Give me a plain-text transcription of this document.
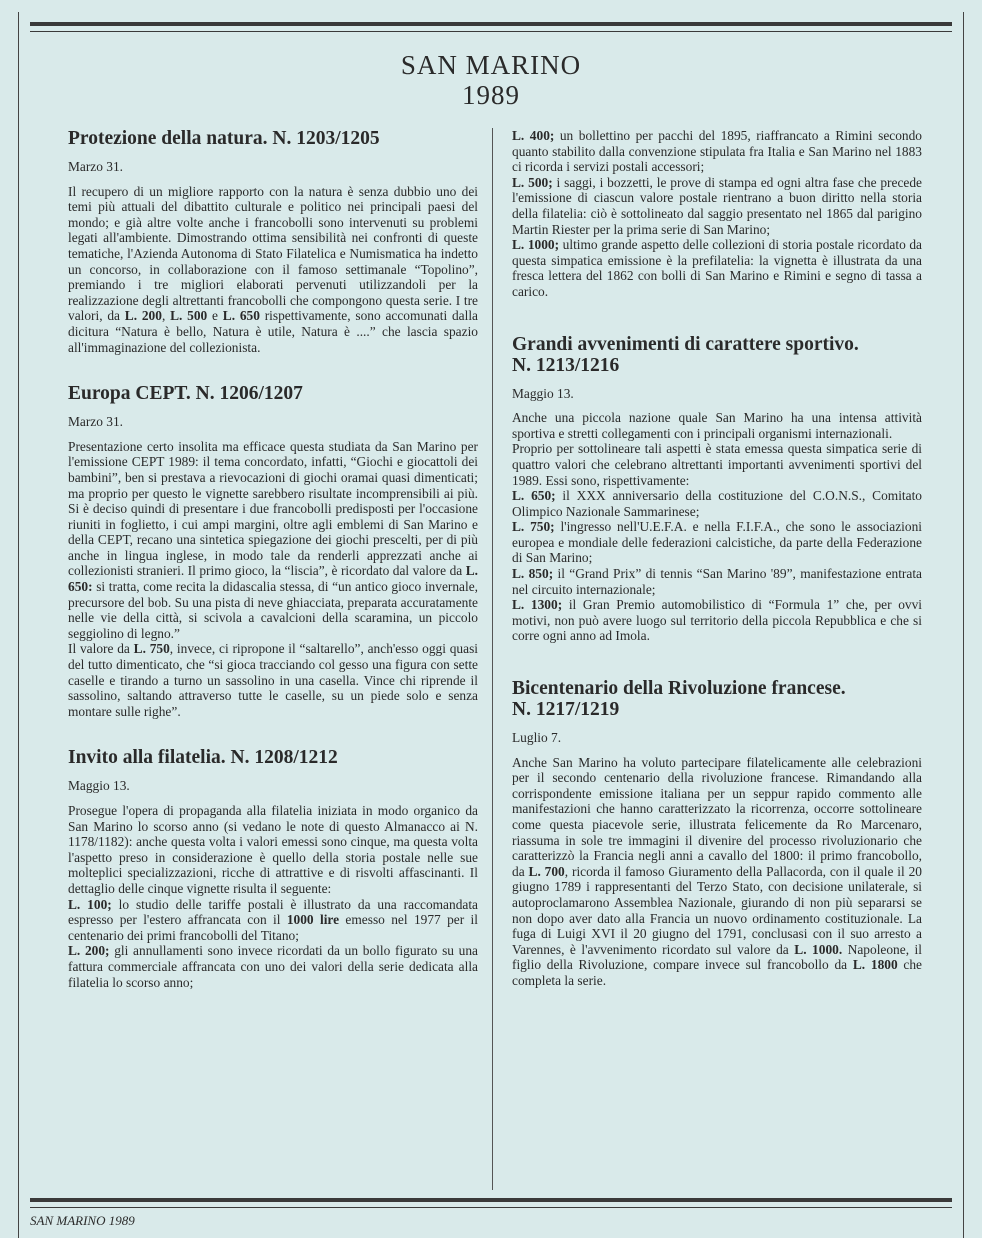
SAN MARINO
1989
Protezione della natura. N. 1203/1205
Marzo 31.

Il recupero di un migliore rapporto con la natura è senza dubbio uno dei temi più attuali del dibattito culturale e politico nei principali paesi del mondo; e già altre volte anche i francobolli sono intervenuti su problemi legati all'ambiente. Dimostrando ottima sensibilità nei confronti di queste tematiche, l'Azienda Autonoma di Stato Filatelica e Numismatica ha indetto un concorso, in collaborazione con il famoso settimanale “Topolino”, premiando i tre migliori elaborati pervenuti utilizzandoli per la realizzazione degli altrettanti francobolli che compongono questa serie. I tre valori, da L. 200, L. 500 e L. 650 rispettivamente, sono accomunati dalla dicitura “Natura è bello, Natura è utile, Natura è ....” che lascia spazio all'immaginazione del collezionista.

Europa CEPT. N. 1206/1207
Marzo 31.

Presentazione certo insolita ma efficace questa studiata da San Marino per l'emissione CEPT 1989: il tema concordato, infatti, “Giochi e giocattoli dei bambini”, ben si prestava a rievocazioni di giochi oramai quasi dimenticati; ma proprio per questo le vignette sarebbero risultate incomprensibili ai più. Si è deciso quindi di presentare i due francobolli predisposti per l'occasione riuniti in foglietto, i cui ampi margini, oltre agli emblemi di San Marino e della CEPT, recano una sintetica spiegazione dei giochi prescelti, per di più anche in lingua inglese, in modo tale da renderli apprezzati anche ai collezionisti stranieri. Il primo gioco, la “liscia”, è ricordato dal valore da L. 650: si tratta, come recita la didascalia stessa, di “un antico gioco invernale, precursore del bob. Su una pista di neve ghiacciata, preparata accuratamente nelle vie della città, si scivola a cavalcioni della scaramina, un piccolo seggiolino di legno.”

Il valore da L. 750, invece, ci ripropone il “saltarello”, anch'esso oggi quasi del tutto dimenticato, che “si gioca tracciando col gesso una figura con sette caselle e tirando a turno un sassolino in una casella. Vince chi riprende il sassolino, saltando attraverso tutte le caselle, su un piede solo e senza montare sulle righe”.

Invito alla filatelia. N. 1208/1212
Maggio 13.

Prosegue l'opera di propaganda alla filatelia iniziata in modo organico da San Marino lo scorso anno (si vedano le note di questo Almanacco ai N. 1178/1182): anche questa volta i valori emessi sono cinque, ma questa volta l'aspetto preso in considerazione è quello della storia postale nelle sue molteplici specializzazioni, ricche di attrattive e di risvolti affascinanti. Il dettaglio delle cinque vignette risulta il seguente:

L. 100; lo studio delle tariffe postali è illustrato da una raccomandata espresso per l'estero affrancata con il 1000 lire emesso nel 1977 per il centenario dei primi francobolli del Titano;

L. 200; gli annullamenti sono invece ricordati da un bollo figurato su una fattura commerciale affrancata con uno dei valori della serie dedicata alla filatelia lo scorso anno;

L. 400; un bollettino per pacchi del 1895, riaffrancato a Rimini secondo quanto stabilito dalla convenzione stipulata fra Italia e San Marino nel 1883 ci ricorda i servizi postali accessori;

L. 500; i saggi, i bozzetti, le prove di stampa ed ogni altra fase che precede l'emissione di ciascun valore postale rientrano a buon diritto nella storia della filatelia: ciò è sottolineato dal saggio presentato nel 1865 dal parigino Martin Riester per la prima serie di San Marino;

L. 1000; ultimo grande aspetto delle collezioni di storia postale ricordato da questa simpatica emissione è la prefilatelia: la vignetta è illustrata da una fresca lettera del 1862 con bolli di San Marino e Rimini e segno di tassa a carico.

Grandi avvenimenti di carattere sportivo.
N. 1213/1216
Maggio 13.

Anche una piccola nazione quale San Marino ha una intensa attività sportiva e stretti collegamenti con i principali organismi internazionali.

Proprio per sottolineare tali aspetti è stata emessa questa simpatica serie di quattro valori che celebrano altrettanti importanti avvenimenti sportivi del 1989. Essi sono, rispettivamente:

L. 650; il XXX anniversario della costituzione del C.O.N.S., Comitato Olimpico Nazionale Sammarinese;

L. 750; l'ingresso nell'U.E.F.A. e nella F.I.F.A., che sono le associazioni europea e mondiale delle federazioni calcistiche, da parte della Federazione di San Marino;

L. 850; il “Grand Prix” di tennis “San Marino '89”, manifestazione entrata nel circuito internazionale;

L. 1300; il Gran Premio automobilistico di “Formula 1” che, per ovvi motivi, non può avere luogo sul territorio della piccola Repubblica e che si corre ogni anno ad Imola.

Bicentenario della Rivoluzione francese.
N. 1217/1219
Luglio 7.

Anche San Marino ha voluto partecipare filatelicamente alle celebrazioni per il secondo centenario della rivoluzione francese. Rimandando alla corrispondente emissione italiana per un seppur rapido commento alle manifestazioni che hanno caratterizzato la ricorrenza, occorre sottolineare come questa piacevole serie, illustrata felicemente da Ro Marcenaro, riassuma in sole tre immagini il divenire del processo rivoluzionario che caratterizzò la Francia negli anni a cavallo del 1800: il primo francobollo, da L. 700, ricorda il famoso Giuramento della Pallacorda, con il quale il 20 giugno 1789 i rappresentanti del Terzo Stato, con decisione unilaterale, si autoproclamarono Assemblea Nazionale, giurando di non più separarsi se non dopo aver dato alla Francia un nuovo ordinamento costituzionale. La fuga di Luigi XVI il 20 giugno del 1791, conclusasi con il suo arresto a Varennes, è l'avvenimento ricordato sul valore da L. 1000. Napoleone, il figlio della Rivoluzione, compare invece sul francobollo da L. 1800 che completa la serie.

SAN MARINO 1989
